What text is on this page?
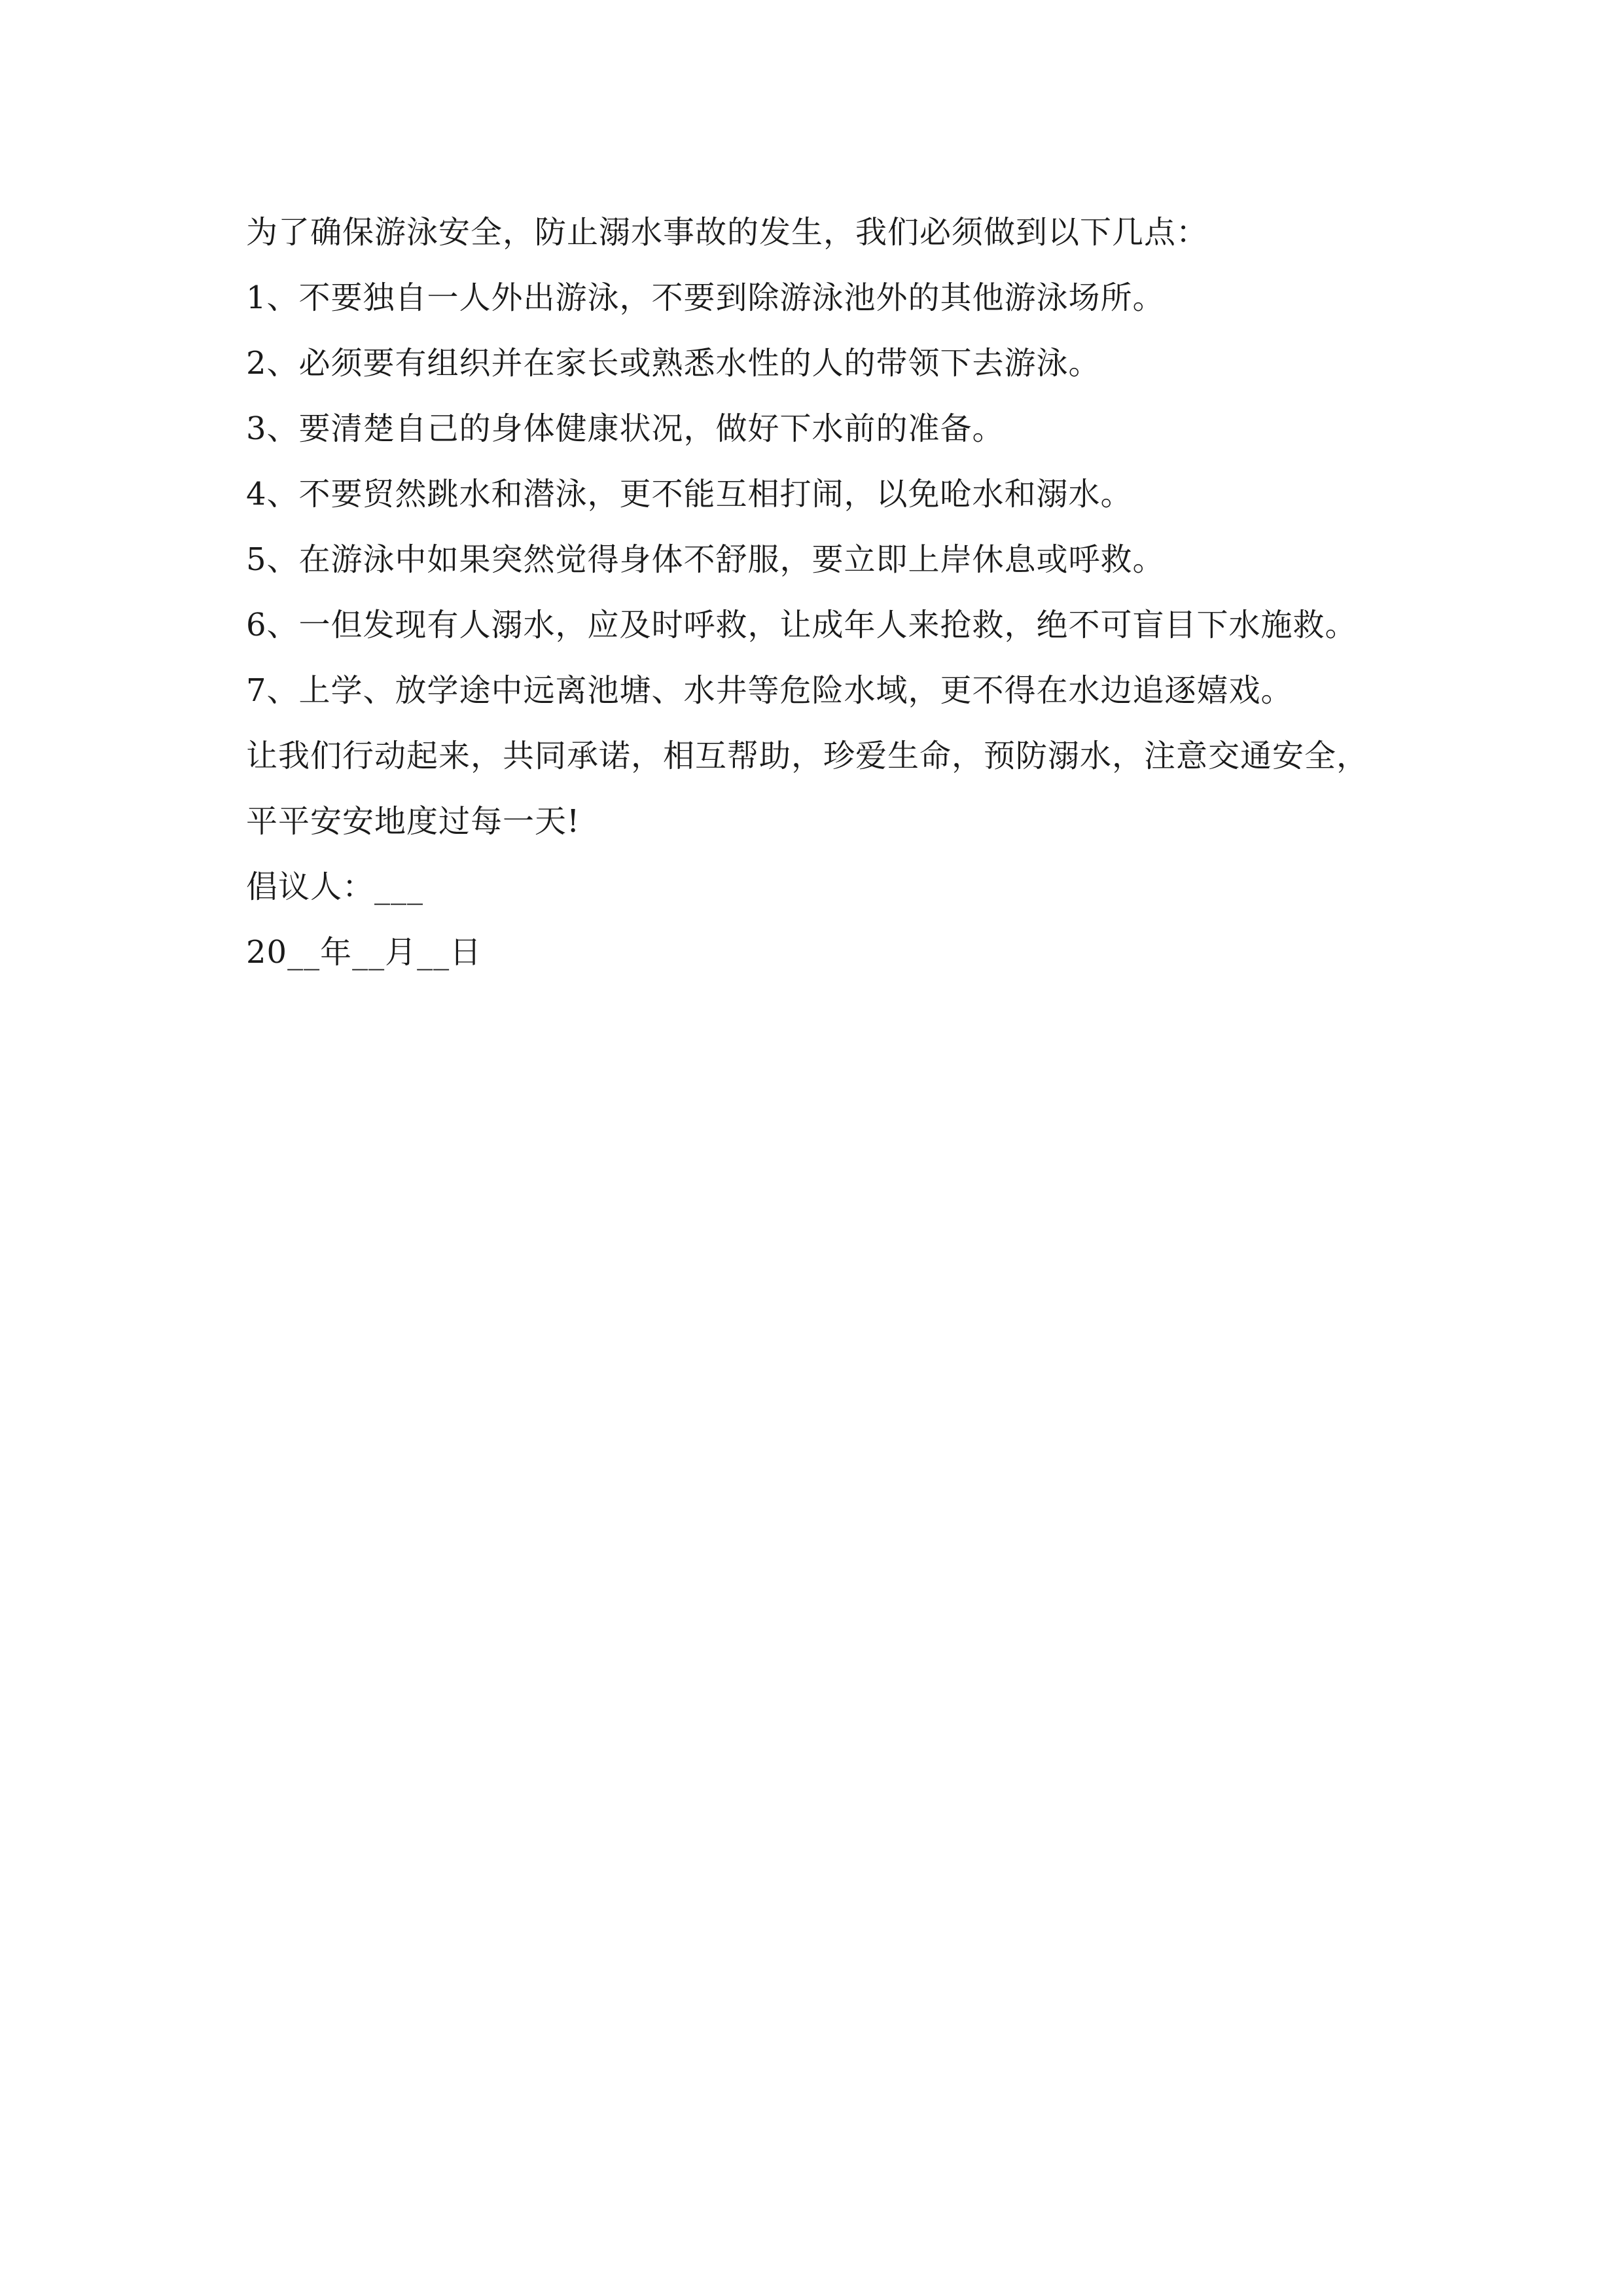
为了确保游泳安全，防止溺水事故的发生，我们必须做到以下几点：
1、不要独自一人外出游泳，不要到除游泳池外的其他游泳场所。
2、必须要有组织并在家长或熟悉水性的人的带领下去游泳。
3、要清楚自己的身体健康状况，做好下水前的准备。
4、不要贸然跳水和潜泳，更不能互相打闹，以免呛水和溺水。
5、在游泳中如果突然觉得身体不舒服，要立即上岸休息或呼救。
6、一但发现有人溺水，应及时呼救，让成年人来抢救，绝不可盲目下水施救。
7、上学、放学途中远离池塘、水井等危险水域，更不得在水边追逐嬉戏。
让我们行动起来，共同承诺，相互帮助，珍爱生命，预防溺水，注意交通安全，
平平安安地度过每一天!
倡议人：___
20__年__月__日
